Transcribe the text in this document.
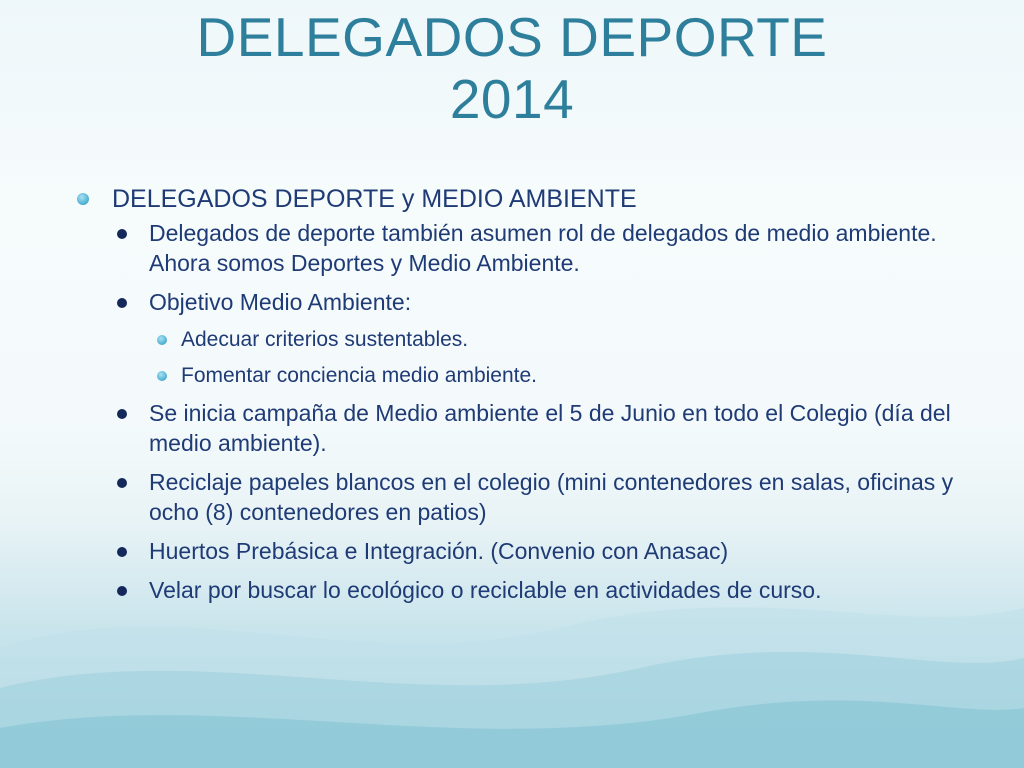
DELEGADOS DEPORTE
2014
DELEGADOS DEPORTE y MEDIO AMBIENTE
Delegados de deporte también asumen rol de delegados de medio ambiente. Ahora somos Deportes y Medio Ambiente.
Objetivo Medio Ambiente:
Adecuar criterios sustentables.
Fomentar conciencia medio ambiente.
Se inicia campaña de Medio ambiente el 5 de Junio en todo el Colegio (día del medio ambiente).
Reciclaje papeles blancos en el colegio (mini contenedores en salas, oficinas y ocho (8) contenedores en patios)
Huertos Prebásica e Integración. (Convenio con Anasac)
Velar por buscar lo ecológico o reciclable en actividades de curso.
